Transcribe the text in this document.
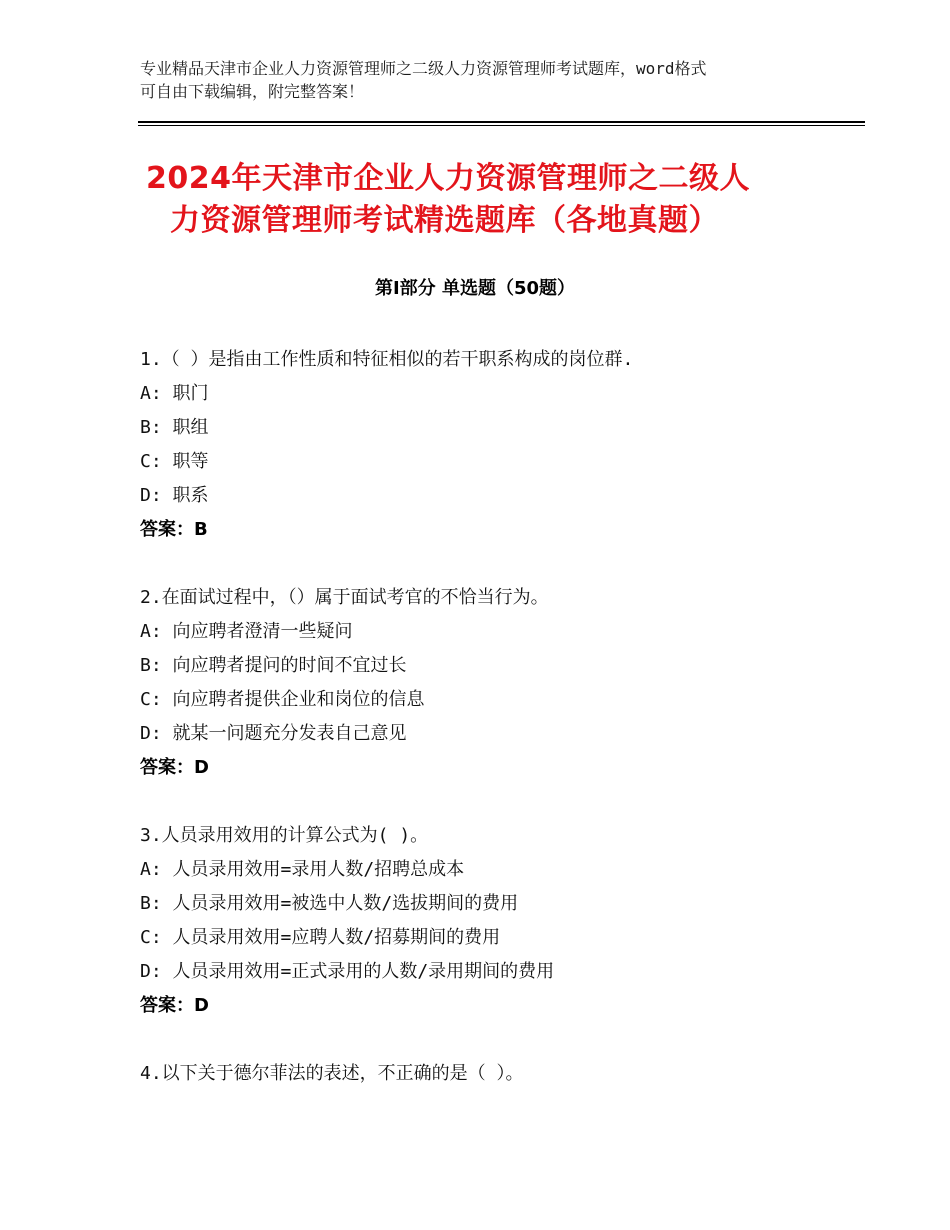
专业精品天津市企业人力资源管理师之二级人力资源管理师考试题库，word格式
可自由下载编辑，附完整答案！
2024年天津市企业人力资源管理师之二级人
力资源管理师考试精选题库（各地真题）
第Ⅰ部分 单选题（50题）
1.（ ）是指由工作性质和特征相似的若干职系构成的岗位群.
A: 职门
B: 职组
C: 职等
D: 职系
答案：B
2.在面试过程中，（）属于面试考官的不恰当行为。
A: 向应聘者澄清一些疑问
B: 向应聘者提问的时间不宜过长
C: 向应聘者提供企业和岗位的信息
D: 就某一问题充分发表自己意见
答案：D
3.人员录用效用的计算公式为( )。
A: 人员录用效用=录用人数/招聘总成本
B: 人员录用效用=被选中人数/选拔期间的费用
C: 人员录用效用=应聘人数/招募期间的费用
D: 人员录用效用=正式录用的人数/录用期间的费用
答案：D
4.以下关于德尔菲法的表述，不正确的是（ ）。
